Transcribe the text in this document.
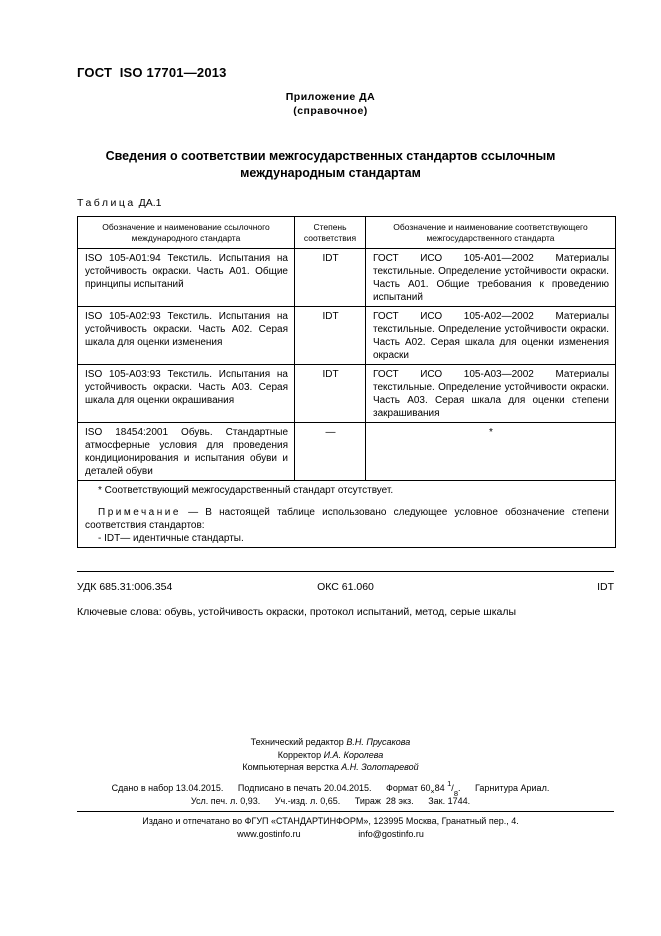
ГОСТ  ISO 17701—2013
Приложение ДА
(справочное)
Сведения о соответствии межгосударственных стандартов ссылочным
международным стандартам
Таблица ДА.1
Обозначение и наименование ссылочного международного стандарта	Степень соответствия	Обозначение и наименование соответствующего межгосударственного стандарта
ISO 105-A01:94 Текстиль. Испытания на устойчивость окраски. Часть А01. Общие принципы испытаний	IDT	ГОСТ ИСО 105-А01—2002 Материалы текстильные. Определение устойчивости окраски. Часть А01. Общие требования к проведению испытаний
ISO 105-A02:93 Текстиль. Испытания на устойчивость окраски. Часть А02. Серая шкала для оценки изменения	IDT	ГОСТ ИСО 105-А02—2002 Материалы текстильные. Определение устойчивости окраски. Часть А02. Серая шкала для оценки изменения окраски
ISO 105-A03:93 Текстиль. Испытания на устойчивость окраски. Часть А03. Серая шкала для оценки окрашивания	IDT	ГОСТ ИСО 105-А03—2002 Материалы текстильные. Определение устойчивости окраски. Часть А03. Серая шкала для оценки степени закрашивания
ISO 18454:2001 Обувь. Стандартные атмосферные условия для проведения кондиционирования и испытания обуви и деталей обуви	—	*

* Соответствующий межгосударственный стандарт отсутствует.

Примечание — В настоящей таблице использовано следующее условное обозначение степени соответствия стандартов:

- IDT— идентичные стандарты.		

УДК 685.31:006.354	ОКС 61.060	IDT
Ключевые слова: обувь, устойчивость окраски, протокол испытаний, метод, серые шкалы
Технический редактор В.Н. Прусакова
Корректор И.А. Королева
Компьютерная верстка А.Н. Золотаревой
Сдано в набор 13.04.2015. Подписано в печать 20.04.2015. Формат $60_\times 84$ $^1/_8$. Гарнитура Ариал.
Усл. печ. л. 0,93. Уч.-изд. л. 0,65. Тираж  28 экз. Зак. 1744.
Издано и отпечатано во ФГУП «СТАНДАРТИНФОРМ», 123995 Москва, Гранатный пер., 4.
www.gostinfo.ru	info@gostinfo.ru
